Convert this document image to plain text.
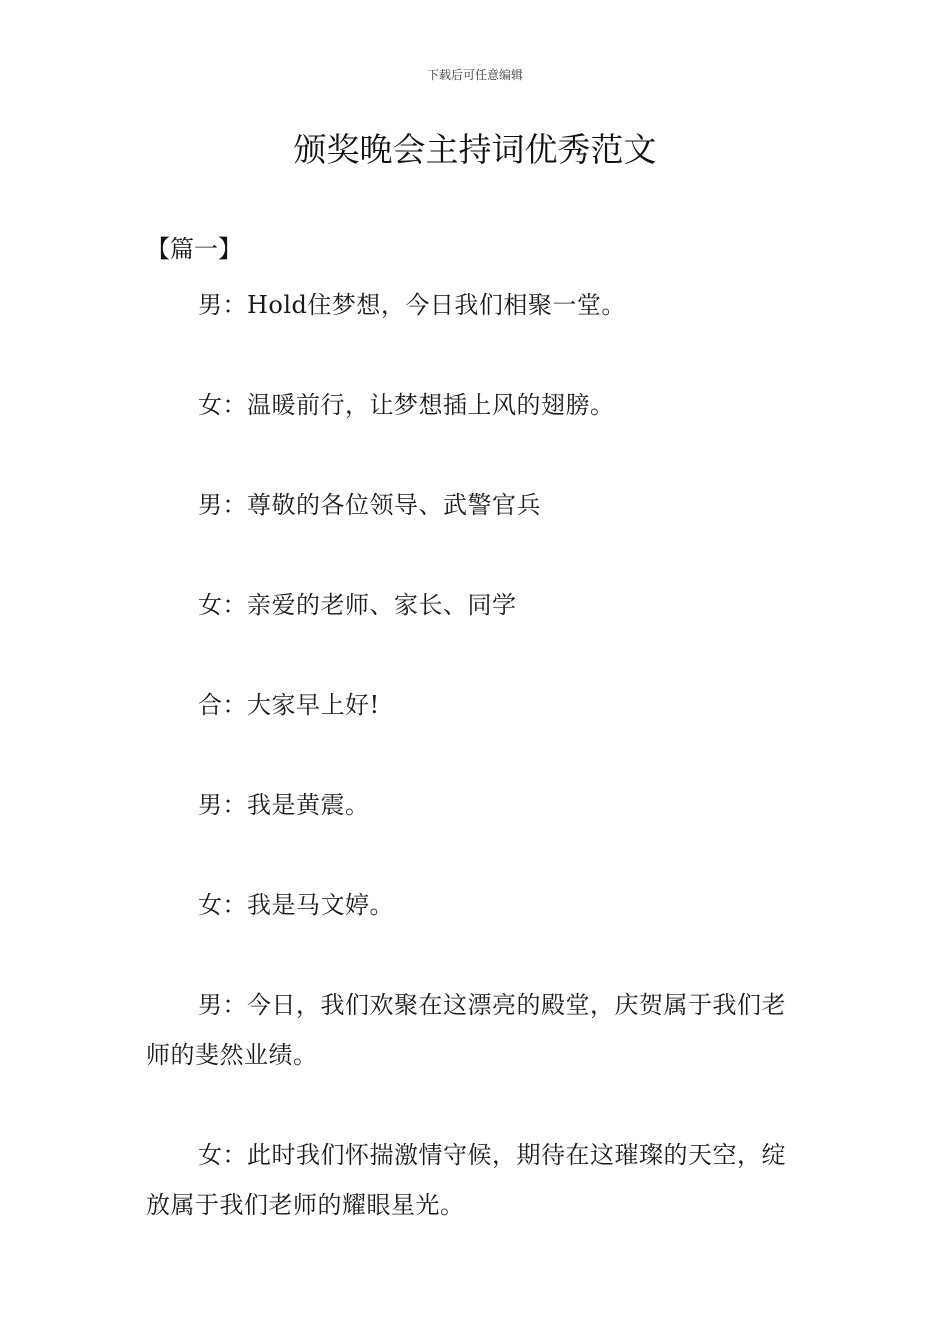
下载后可任意编辑
颁奖晚会主持词优秀范文
【篇一】

男：Hold住梦想，今日我们相聚一堂。

女：温暖前行，让梦想插上风的翅膀。

男：尊敬的各位领导、武警官兵

女：亲爱的老师、家长、同学

合：大家早上好!

男：我是黄震。

女：我是马文婷。

男：今日，我们欢聚在这漂亮的殿堂，庆贺属于我们老师的斐然业绩。

女：此时我们怀揣激情守候，期待在这璀璨的天空，绽放属于我们老师的耀眼星光。
